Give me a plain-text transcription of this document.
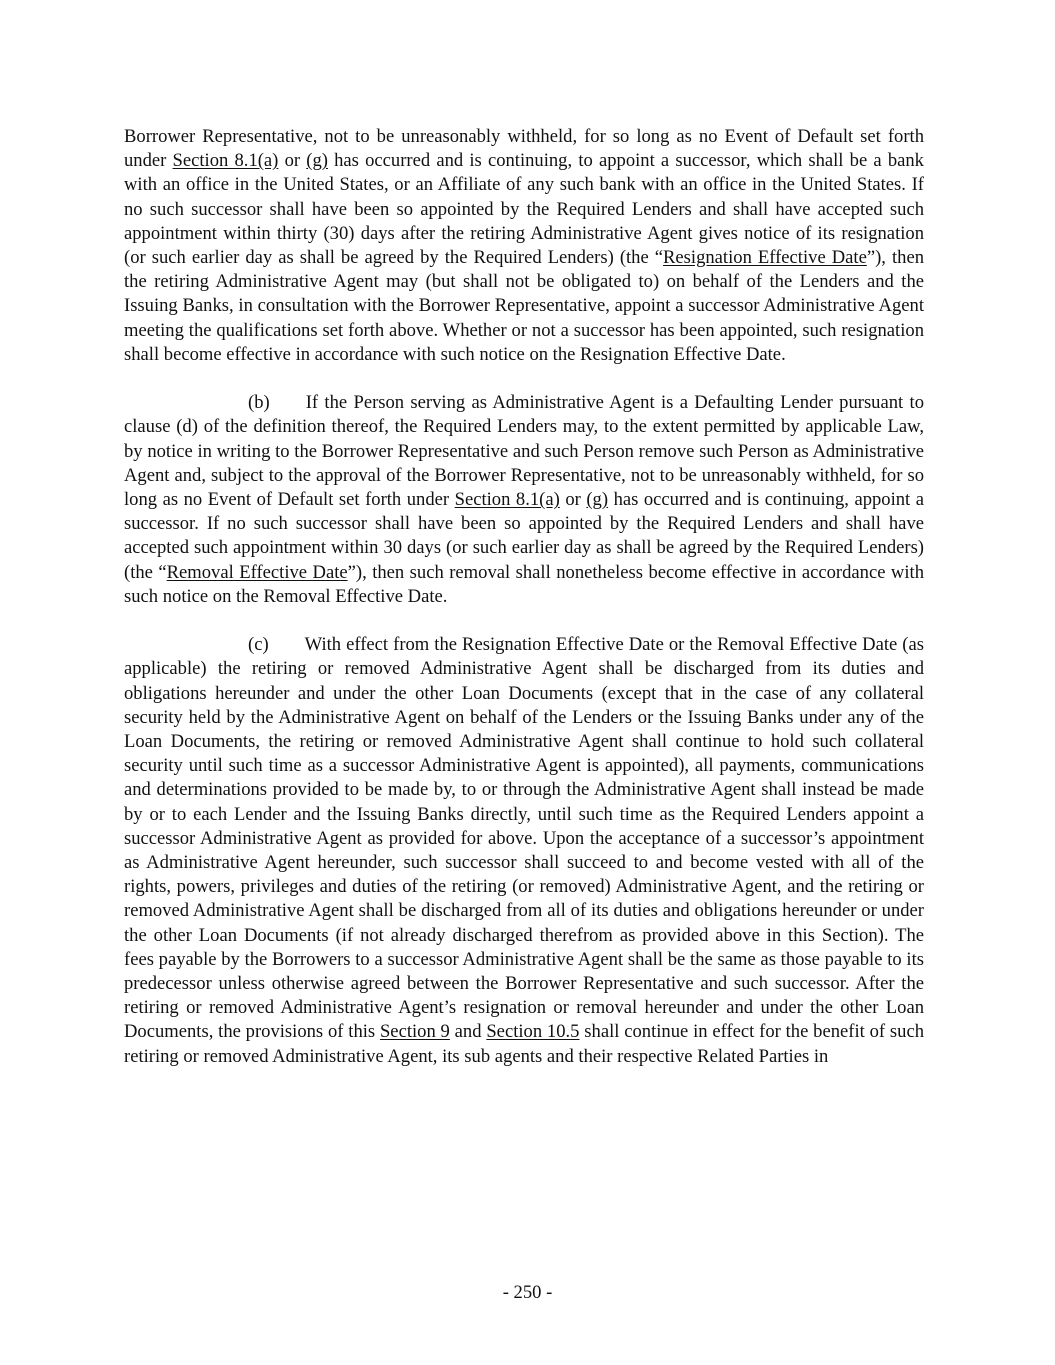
Borrower Representative, not to be unreasonably withheld, for so long as no Event of Default set forth under Section 8.1(a) or (g) has occurred and is continuing, to appoint a successor, which shall be a bank with an office in the United States, or an Affiliate of any such bank with an office in the United States. If no such successor shall have been so appointed by the Required Lenders and shall have accepted such appointment within thirty (30) days after the retiring Administrative Agent gives notice of its resignation (or such earlier day as shall be agreed by the Required Lenders) (the “Resignation Effective Date”), then the retiring Administrative Agent may (but shall not be obligated to) on behalf of the Lenders and the Issuing Banks, in consultation with the Borrower Representative, appoint a successor Administrative Agent meeting the qualifications set forth above. Whether or not a successor has been appointed, such resignation shall become effective in accordance with such notice on the Resignation Effective Date.

(b) If the Person serving as Administrative Agent is a Defaulting Lender pursuant to clause (d) of the definition thereof, the Required Lenders may, to the extent permitted by applicable Law, by notice in writing to the Borrower Representative and such Person remove such Person as Administrative Agent and, subject to the approval of the Borrower Representative, not to be unreasonably withheld, for so long as no Event of Default set forth under Section 8.1(a) or (g) has occurred and is continuing, appoint a successor. If no such successor shall have been so appointed by the Required Lenders and shall have accepted such appointment within 30 days (or such earlier day as shall be agreed by the Required Lenders) (the “Removal Effective Date”), then such removal shall nonetheless become effective in accordance with such notice on the Removal Effective Date.

(c) With effect from the Resignation Effective Date or the Removal Effective Date (as applicable) the retiring or removed Administrative Agent shall be discharged from its duties and obligations hereunder and under the other Loan Documents (except that in the case of any collateral security held by the Administrative Agent on behalf of the Lenders or the Issuing Banks under any of the Loan Documents, the retiring or removed Administrative Agent shall continue to hold such collateral security until such time as a successor Administrative Agent is appointed), all payments, communications and determinations provided to be made by, to or through the Administrative Agent shall instead be made by or to each Lender and the Issuing Banks directly, until such time as the Required Lenders appoint a successor Administrative Agent as provided for above. Upon the acceptance of a successor’s appointment as Administrative Agent hereunder, such successor shall succeed to and become vested with all of the rights, powers, privileges and duties of the retiring (or removed) Administrative Agent, and the retiring or removed Administrative Agent shall be discharged from all of its duties and obligations hereunder or under the other Loan Documents (if not already discharged therefrom as provided above in this Section). The fees payable by the Borrowers to a successor Administrative Agent shall be the same as those payable to its predecessor unless otherwise agreed between the Borrower Representative and such successor. After the retiring or removed Administrative Agent’s resignation or removal hereunder and under the other Loan Documents, the provisions of this Section 9 and Section 10.5 shall continue in effect for the benefit of such retiring or removed Administrative Agent, its sub agents and their respective Related Parties in

- 250 -
